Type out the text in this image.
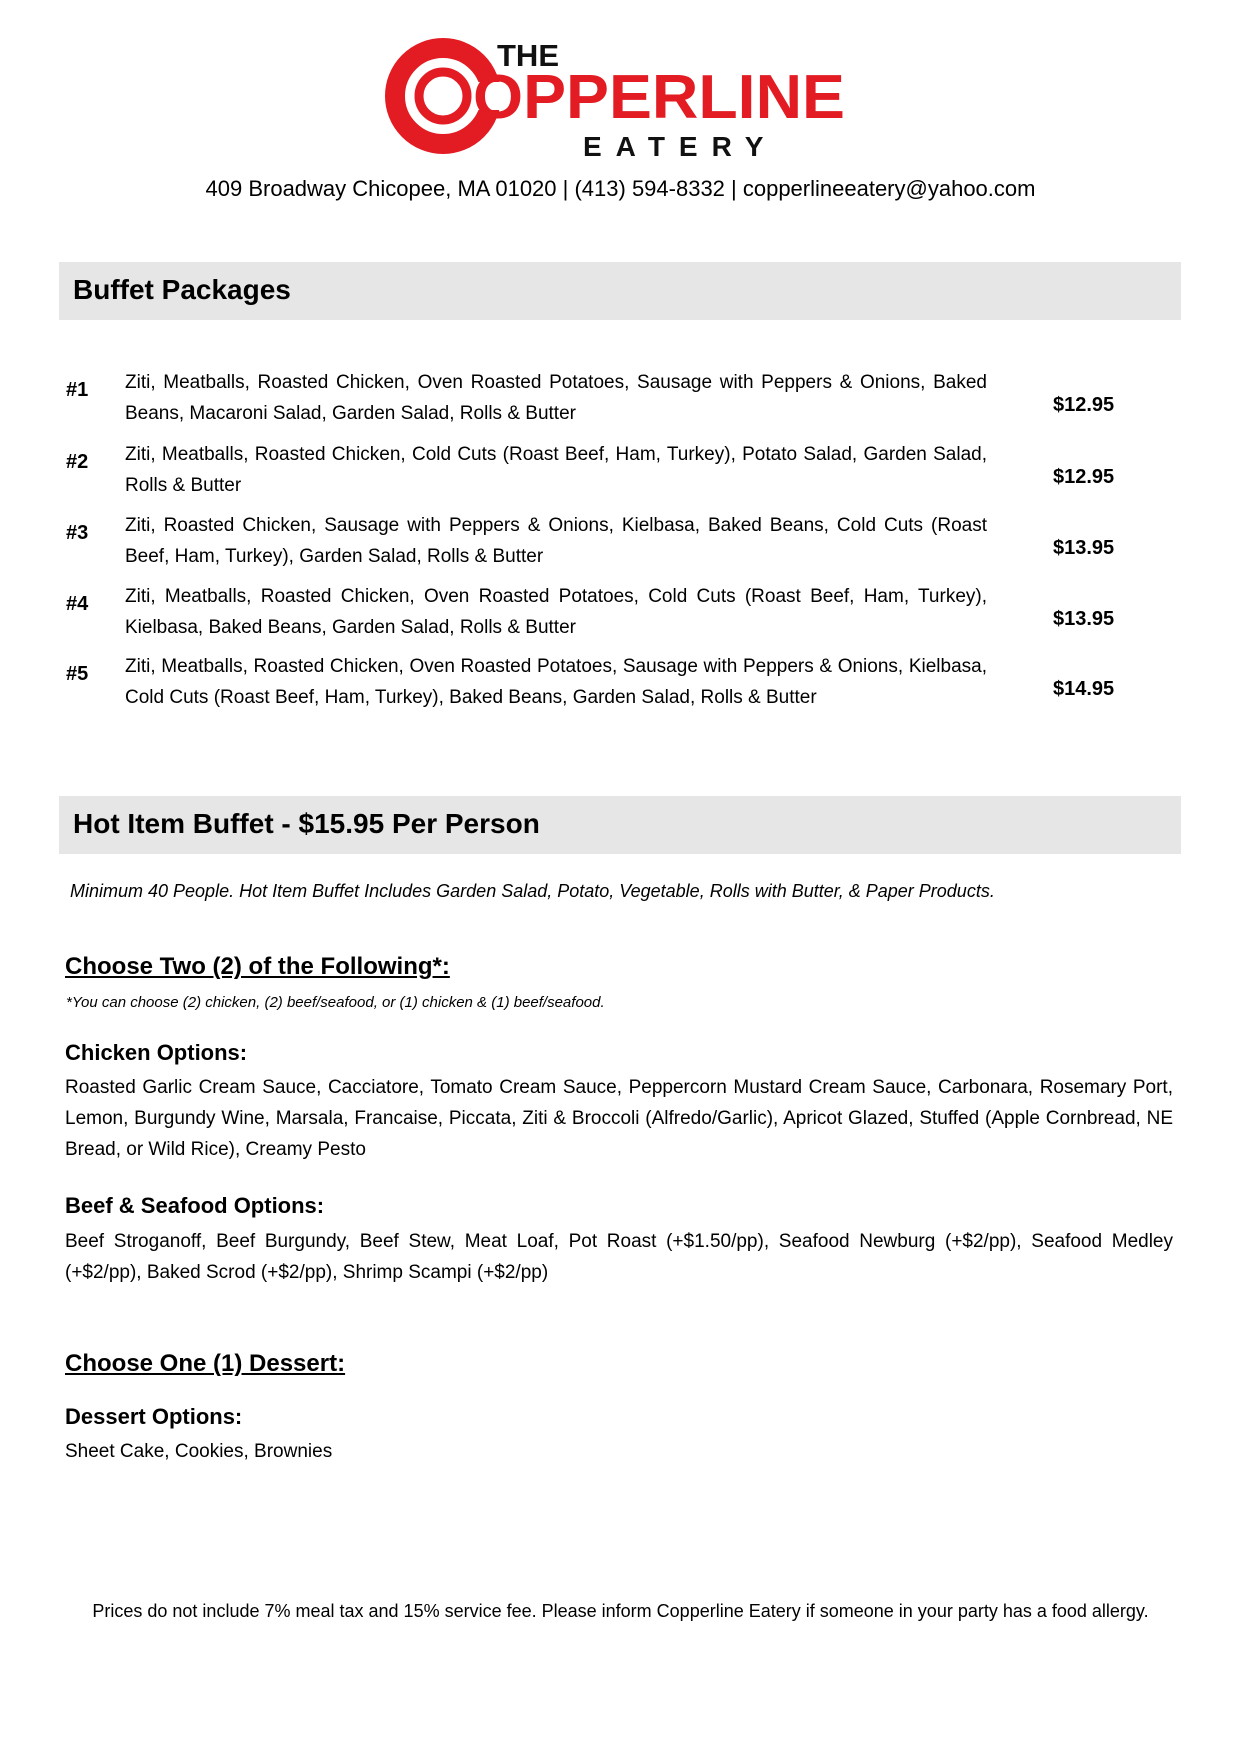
THE
OPPERLINE
EATERY
409 Broadway Chicopee, MA 01020 | (413) 594-8332 | copperlineeatery@yahoo.com
Buffet Packages
#1 Ziti, Meatballs, Roasted Chicken, Oven Roasted Potatoes, Sausage with Peppers & Onions, Baked Beans, Macaroni Salad, Garden Salad, Rolls & Butter	$12.95
#2 Ziti, Meatballs, Roasted Chicken, Cold Cuts (Roast Beef, Ham, Turkey), Potato Salad, Garden Salad, Rolls & Butter	$12.95
#3 Ziti, Roasted Chicken, Sausage with Peppers & Onions, Kielbasa, Baked Beans, Cold Cuts (Roast Beef, Ham, Turkey), Garden Salad, Rolls & Butter	$13.95
#4 Ziti, Meatballs, Roasted Chicken, Oven Roasted Potatoes, Cold Cuts (Roast Beef, Ham, Turkey), Kielbasa, Baked Beans, Garden Salad, Rolls & Butter	$13.95
#5 Ziti, Meatballs, Roasted Chicken, Oven Roasted Potatoes, Sausage with Peppers & Onions, Kielbasa, Cold Cuts (Roast Beef, Ham, Turkey), Baked Beans, Garden Salad, Rolls & Butter	$14.95
Hot Item Buffet - $15.95 Per Person
Minimum 40 People. Hot Item Buffet Includes Garden Salad, Potato, Vegetable, Rolls with Butter, & Paper Products.
Choose Two (2) of the Following*:
*You can choose (2) chicken, (2) beef/seafood, or (1) chicken & (1) beef/seafood.
Chicken Options:
Roasted Garlic Cream Sauce, Cacciatore, Tomato Cream Sauce, Peppercorn Mustard Cream Sauce, Carbonara, Rosemary Port, Lemon, Burgundy Wine, Marsala, Francaise, Piccata, Ziti & Broccoli (Alfredo/Garlic), Apricot Glazed, Stuffed (Apple Cornbread, NE Bread, or Wild Rice), Creamy Pesto
Beef & Seafood Options:
Beef Stroganoff, Beef Burgundy, Beef Stew, Meat Loaf, Pot Roast (+$1.50/pp), Seafood Newburg (+$2/pp), Seafood Medley (+$2/pp), Baked Scrod (+$2/pp), Shrimp Scampi (+$2/pp)
Choose One (1) Dessert:
Dessert Options:
Sheet Cake, Cookies, Brownies
Prices do not include 7% meal tax and 15% service fee. Please inform Copperline Eatery if someone in your party has a food allergy.
